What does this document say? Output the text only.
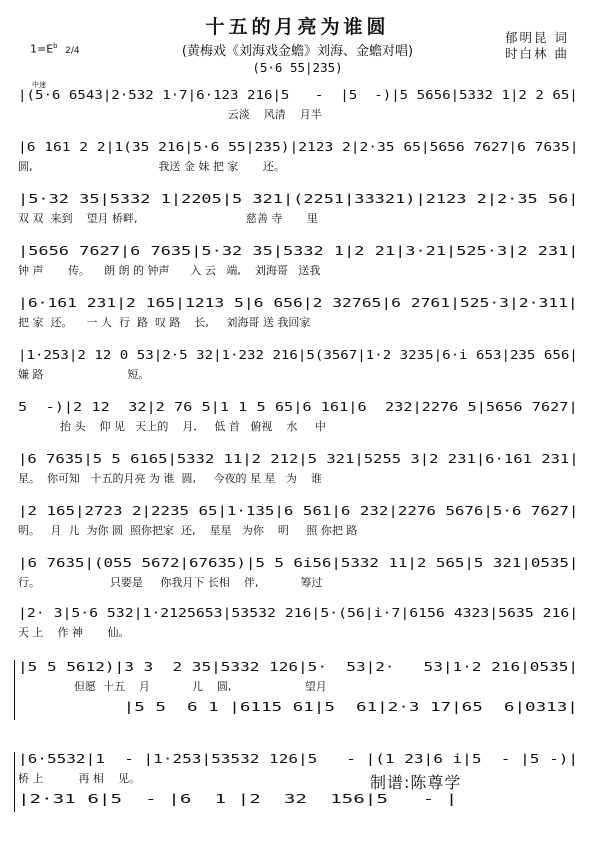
十五的月亮为谁圆
(黄梅戏《刘海戏金蟾》刘海、金蟾对唱)
郁明昆 词
时白林 曲
$1=E^b$ 2/4
(5·6 55|235)
中速
|(5·6 6543|2·532 1·7|6·123 216|5   -  |5  -)|5 5656|5332 1|2 2 65|
云淡    风清    月半
|6 161 2 2|1(35 216|5·6 55|235)|2123 2|2·35 65|5656 7627|6 7635|
圆,                                    我送 金 妹 把 家       还。
|5·32 35|5332 1|2205|5 321|(2251|33321)|2123 2|2·35 56|
双 双  来到    望月 桥畔,                               慈善 寺       里
|5656 7627|6 7635|5·32 35|5332 1|2 21|3·21|525·3|2 231|
钟 声       传。    朗 朗 的 钟声      入 云   端,    刘海哥   送我
|6·161 231|2 165|1213 5|6 656|2 32765|6 2761|525·3|2·311|
把 家  还。    一 人  行  路  叹 路    长,     刘海哥 送 我回家
|1·253|2 12 0 53|2·5 32|1·232 216|5(3567|1·2 3235|6·i 653|235 656|
嫌 路                        短。
5  -)|2 12  32|2 76 5|1 1 5 65|6 161|6  232|2276 5|5656 7627|
抬 头    仰 见   天上的    月,     低 首   俯视    水     中
|6 7635|5 5 6165|5332 11|2 212|5 321|5255 3|2 231|6·161 231|
星。  你可知   十五的月亮 为 谁  圆,     今夜的 星 星   为    谁
|2 165|2723 2|2235 65|1·135|6 561|6 232|2276 5676|5·6 7627|
明。   月  儿  为你 圆  照你把家  还,    星星   为你    明     照 你把 路
|6 7635|(055 5672|67635)|5 5 6i56|5332 11|2 565|5 321|0535|
行。                    只要是     你我月下 长相    伴,            筹过
|2· 3|5·6 532|1·2125653|53532 216|5·(56|i·7|6156 4323|5635 216|
天 上    作 神       仙。
|5 5 5612)|3 3  2 35|5332 126|5·  53|2·   53|1·2 216|0535|
但愿  十五    月            儿    圆,                     望月
|5 5  6 1 |6115 61|5  61|2·3 17|65  6|0313|
|6·5532|1  - |1·253|53532 126|5   - |(1 23|6 i|5  - |5 -)|
桥 上          再 相    见。
|2·31 6|5  - |6  1 |2  32  156|5   - |
制谱:陈尊学
